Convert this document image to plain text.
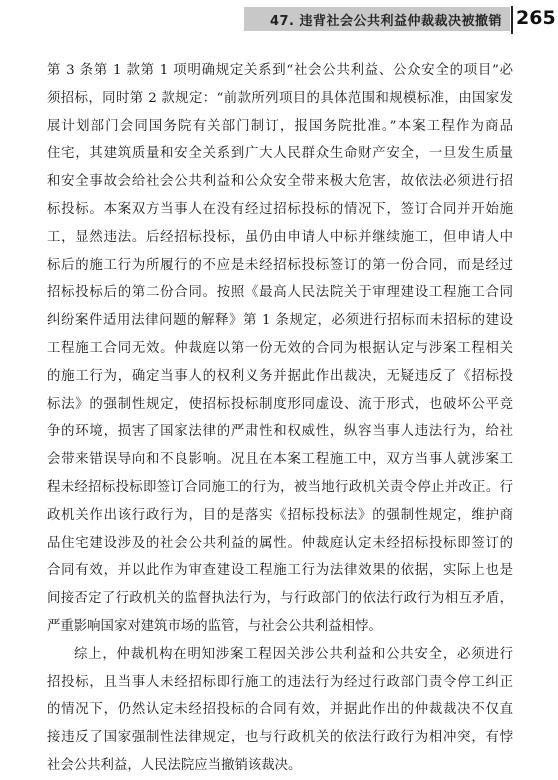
47. 违背社会公共利益仲裁裁决被撤销 265
第 3 条第 1 款第 1 项明确规定关系到“社会公共利益、公众安全的项目”必
须招标，同时第 2 款规定：“前款所列项目的具体范围和规模标准，由国家发
展计划部门会同国务院有关部门制订，报国务院批准。”本案工程作为商品
住宅，其建筑质量和安全关系到广大人民群众生命财产安全，一旦发生质量
和安全事故会给社会公共利益和公众安全带来极大危害，故依法必须进行招
标投标。本案双方当事人在没有经过招标投标的情况下，签订合同并开始施
工，显然违法。后经招标投标，虽仍由申请人中标并继续施工，但申请人中
标后的施工行为所履行的不应是未经招标投标签订的第一份合同，而是经过
招标投标后的第二份合同。按照《最高人民法院关于审理建设工程施工合同
纠纷案件适用法律问题的解释》第 1 条规定，必须进行招标而未招标的建设
工程施工合同无效。仲裁庭以第一份无效的合同为根据认定与涉案工程相关
的施工行为，确定当事人的权利义务并据此作出裁决，无疑违反了《招标投
标法》的强制性规定，使招标投标制度形同虚设、流于形式，也破坏公平竞
争的环境，损害了国家法律的严肃性和权威性，纵容当事人违法行为，给社
会带来错误导向和不良影响。况且在本案工程施工中，双方当事人就涉案工
程未经招标投标即签订合同施工的行为，被当地行政机关责令停止并改正。行
政机关作出该行政行为，目的是落实《招标投标法》的强制性规定，维护商
品住宅建设涉及的社会公共利益的属性。仲裁庭认定未经招标投标即签订的
合同有效，并以此作为审查建设工程施工行为法律效果的依据，实际上也是
间接否定了行政机关的监督执法行为，与行政部门的依法行政行为相互矛盾，
严重影响国家对建筑市场的监管，与社会公共利益相悖。
综上，仲裁机构在明知涉案工程因关涉公共利益和公共安全，必须进行
招投标，且当事人未经招标即行施工的违法行为经过行政部门责令停工纠正
的情况下，仍然认定未经招投标的合同有效，并据此作出的仲裁裁决不仅直
接违反了国家强制性法律规定，也与行政机关的依法行政行为相冲突，有悖
社会公共利益，人民法院应当撤销该裁决。
